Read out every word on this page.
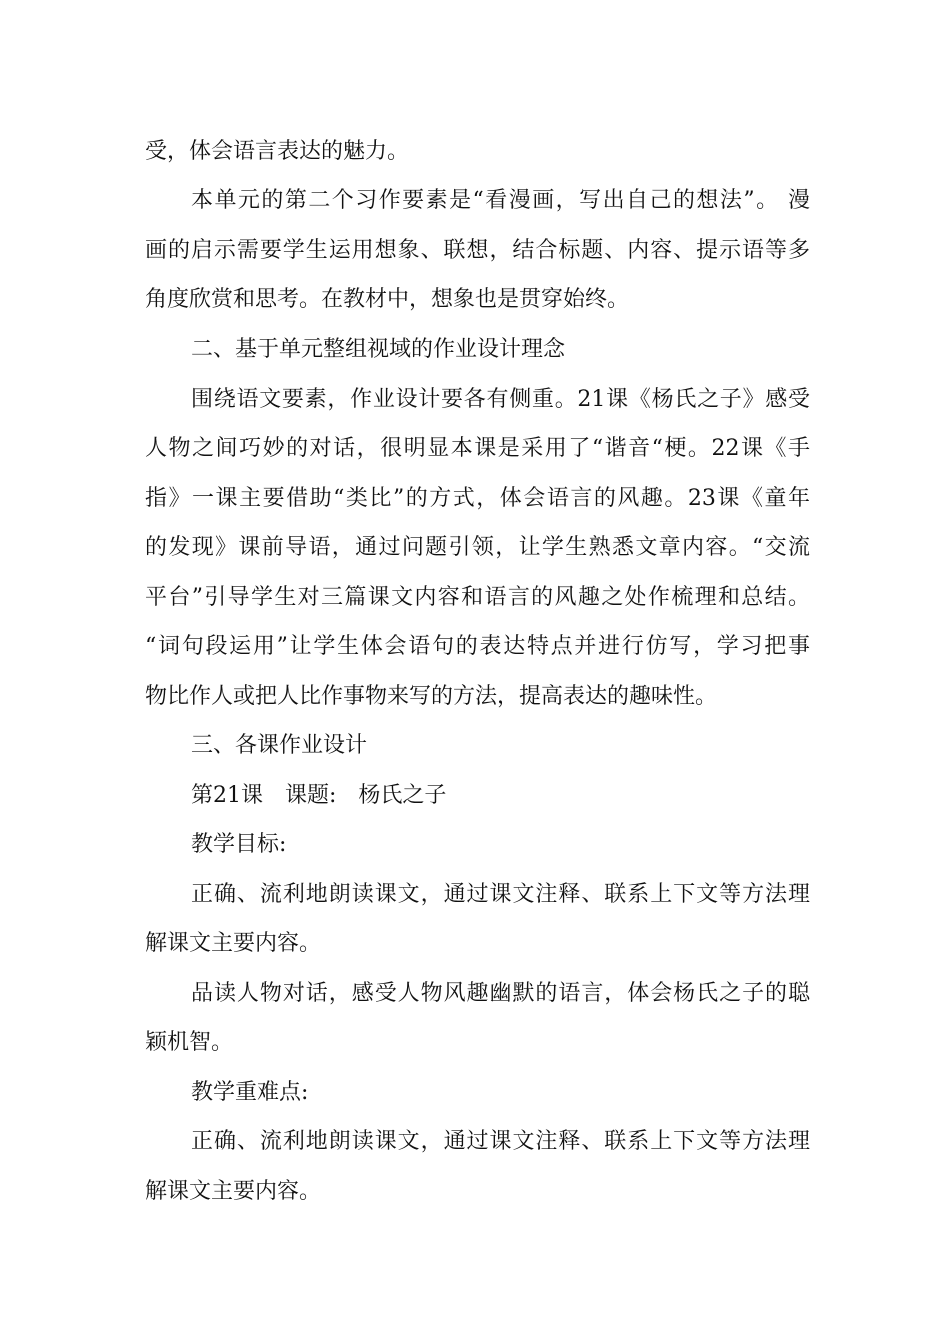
受，体会语言表达的魅力。
本单元的第二个习作要素是“看漫画，写出自己的想法”。 漫
画的启示需要学生运用想象、联想，结合标题、内容、提示语等多
角度欣赏和思考。在教材中，想象也是贯穿始终。
二、基于单元整组视域的作业设计理念
围绕语文要素，作业设计要各有侧重。21课《杨氏之子》感受
人物之间巧妙的对话，很明显本课是采用了“谐音“梗。22课《手
指》一课主要借助“类比”的方式，体会语言的风趣。23课《童年
的发现》课前导语，通过问题引领，让学生熟悉文章内容。“交流
平台”引导学生对三篇课文内容和语言的风趣之处作梳理和总结。
“词句段运用”让学生体会语句的表达特点并进行仿写，学习把事
物比作人或把人比作事物来写的方法，提高表达的趣味性。
三、各课作业设计
第21课　课题:　杨氏之子
教学目标:
正确、流利地朗读课文，通过课文注释、联系上下文等方法理
解课文主要内容。
品读人物对话，感受人物风趣幽默的语言，体会杨氏之子的聪
颖机智。
教学重难点:
正确、流利地朗读课文，通过课文注释、联系上下文等方法理
解课文主要内容。
